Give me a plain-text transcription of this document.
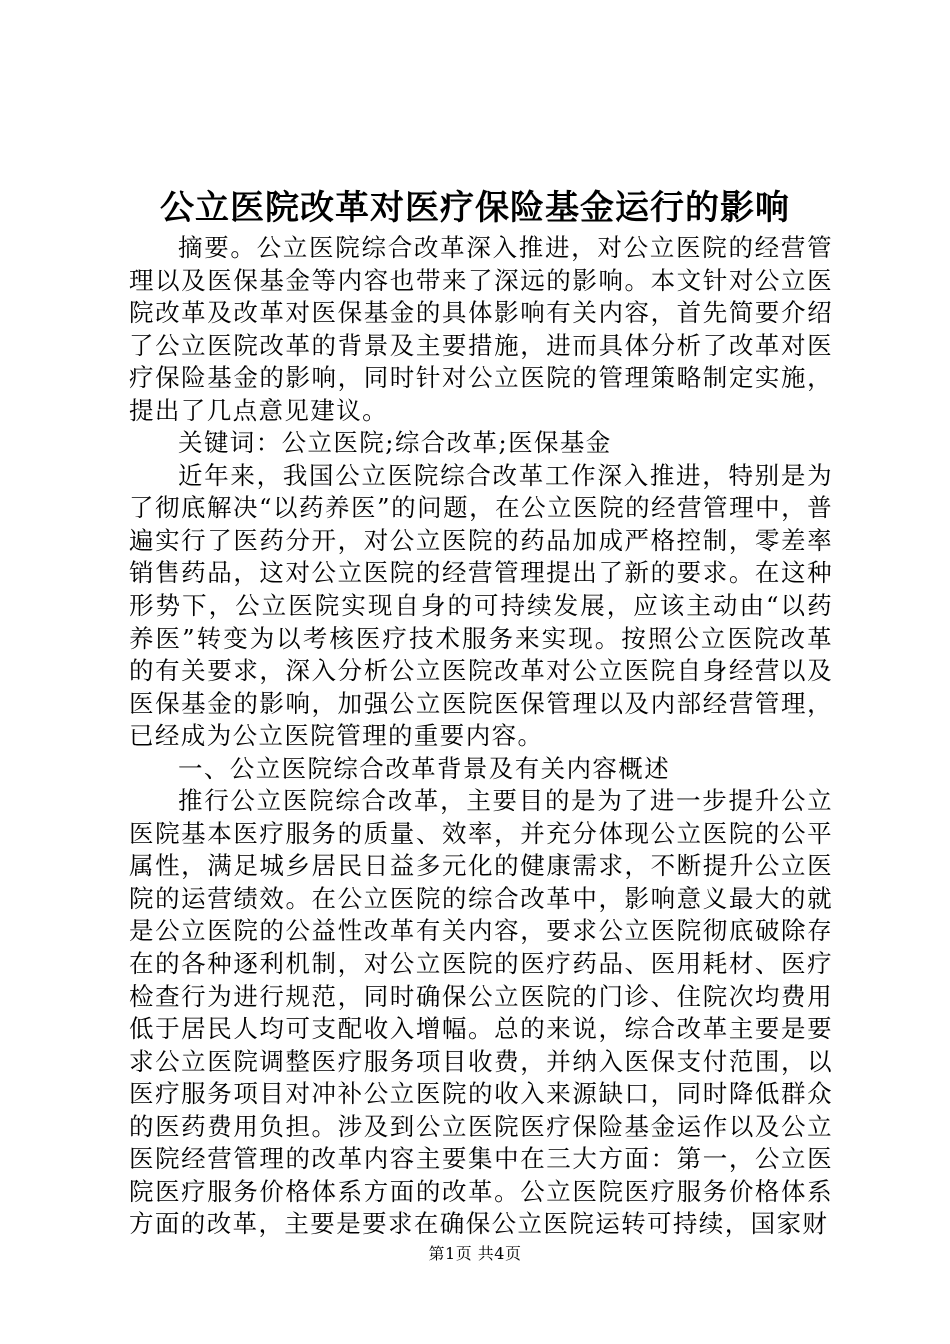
公立医院改革对医疗保险基金运行的影响

摘要。公立医院综合改革深入推进，对公立医院的经营管理以及医保基金等内容也带来了深远的影响。本文针对公立医院改革及改革对医保基金的具体影响有关内容，首先简要介绍了公立医院改革的背景及主要措施，进而具体分析了改革对医疗保险基金的影响，同时针对公立医院的管理策略制定实施，提出了几点意见建议。

关键词：公立医院;综合改革;医保基金

近年来，我国公立医院综合改革工作深入推进，特别是为了彻底解决“以药养医”的问题，在公立医院的经营管理中，普遍实行了医药分开，对公立医院的药品加成严格控制，零差率销售药品，这对公立医院的经营管理提出了新的要求。在这种形势下，公立医院实现自身的可持续发展，应该主动由“以药养医”转变为以考核医疗技术服务来实现。按照公立医院改革的有关要求，深入分析公立医院改革对公立医院自身经营以及医保基金的影响，加强公立医院医保管理以及内部经营管理，已经成为公立医院管理的重要内容。

一、公立医院综合改革背景及有关内容概述

推行公立医院综合改革，主要目的是为了进一步提升公立医院基本医疗服务的质量、效率，并充分体现公立医院的公平属性，满足城乡居民日益多元化的健康需求，不断提升公立医院的运营绩效。在公立医院的综合改革中，影响意义最大的就是公立医院的公益性改革有关内容，要求公立医院彻底破除存在的各种逐利机制，对公立医院的医疗药品、医用耗材、医疗检查行为进行规范，同时确保公立医院的门诊、住院次均费用低于居民人均可支配收入增幅。总的来说，综合改革主要是要求公立医院调整医疗服务项目收费，并纳入医保支付范围，以医疗服务项目对冲补公立医院的收入来源缺口，同时降低群众的医药费用负担。涉及到公立医院医疗保险基金运作以及公立医院经营管理的改革内容主要集中在三大方面：第一，公立医院医疗服务价格体系方面的改革。公立医院医疗服务价格体系方面的改革，主要是要求在确保公立医院运转可持续，国家财

第1页 共4页
